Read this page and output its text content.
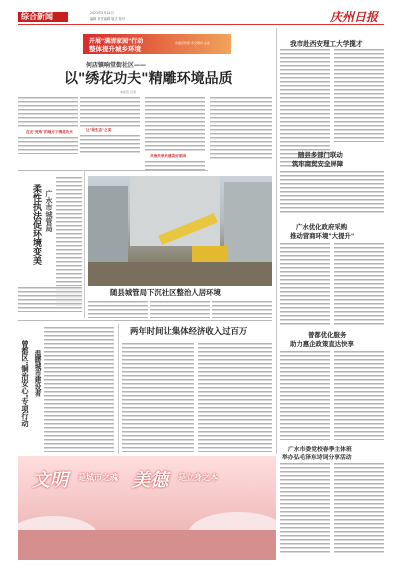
综合新闻	2022年5月14日
编辑 责任编辑 版式 校对	庆州日报
开展"满清家园"行动
整体提升城乡环境
市委宣传部 市文明办 主办
何店镇响堂街社区——
以"绣花功夫"精雕环境品质
本报讯 记者
在无"死角"的地方下绣花功夫	让"原生态"之美
共治共享共建美好家园
柔性执法促环境变美 广水市城管局
随县城管局下沉社区整治人居环境
曾都区"铜治安心"专项行动 温暖城市建设者
两年时间让集体经济收入过百万
我市赴西安理工大学揽才
随县多部门联动
筑牢商贸安全屏障
广水优化政府采购
推动营商环境"大提升"
曾都优化服务
助力惠企政策直达快享
广水市委党校春季主体班
举办弘毛泽东诗词分享活动
文明 是城市之魂 美德 是立身之本
